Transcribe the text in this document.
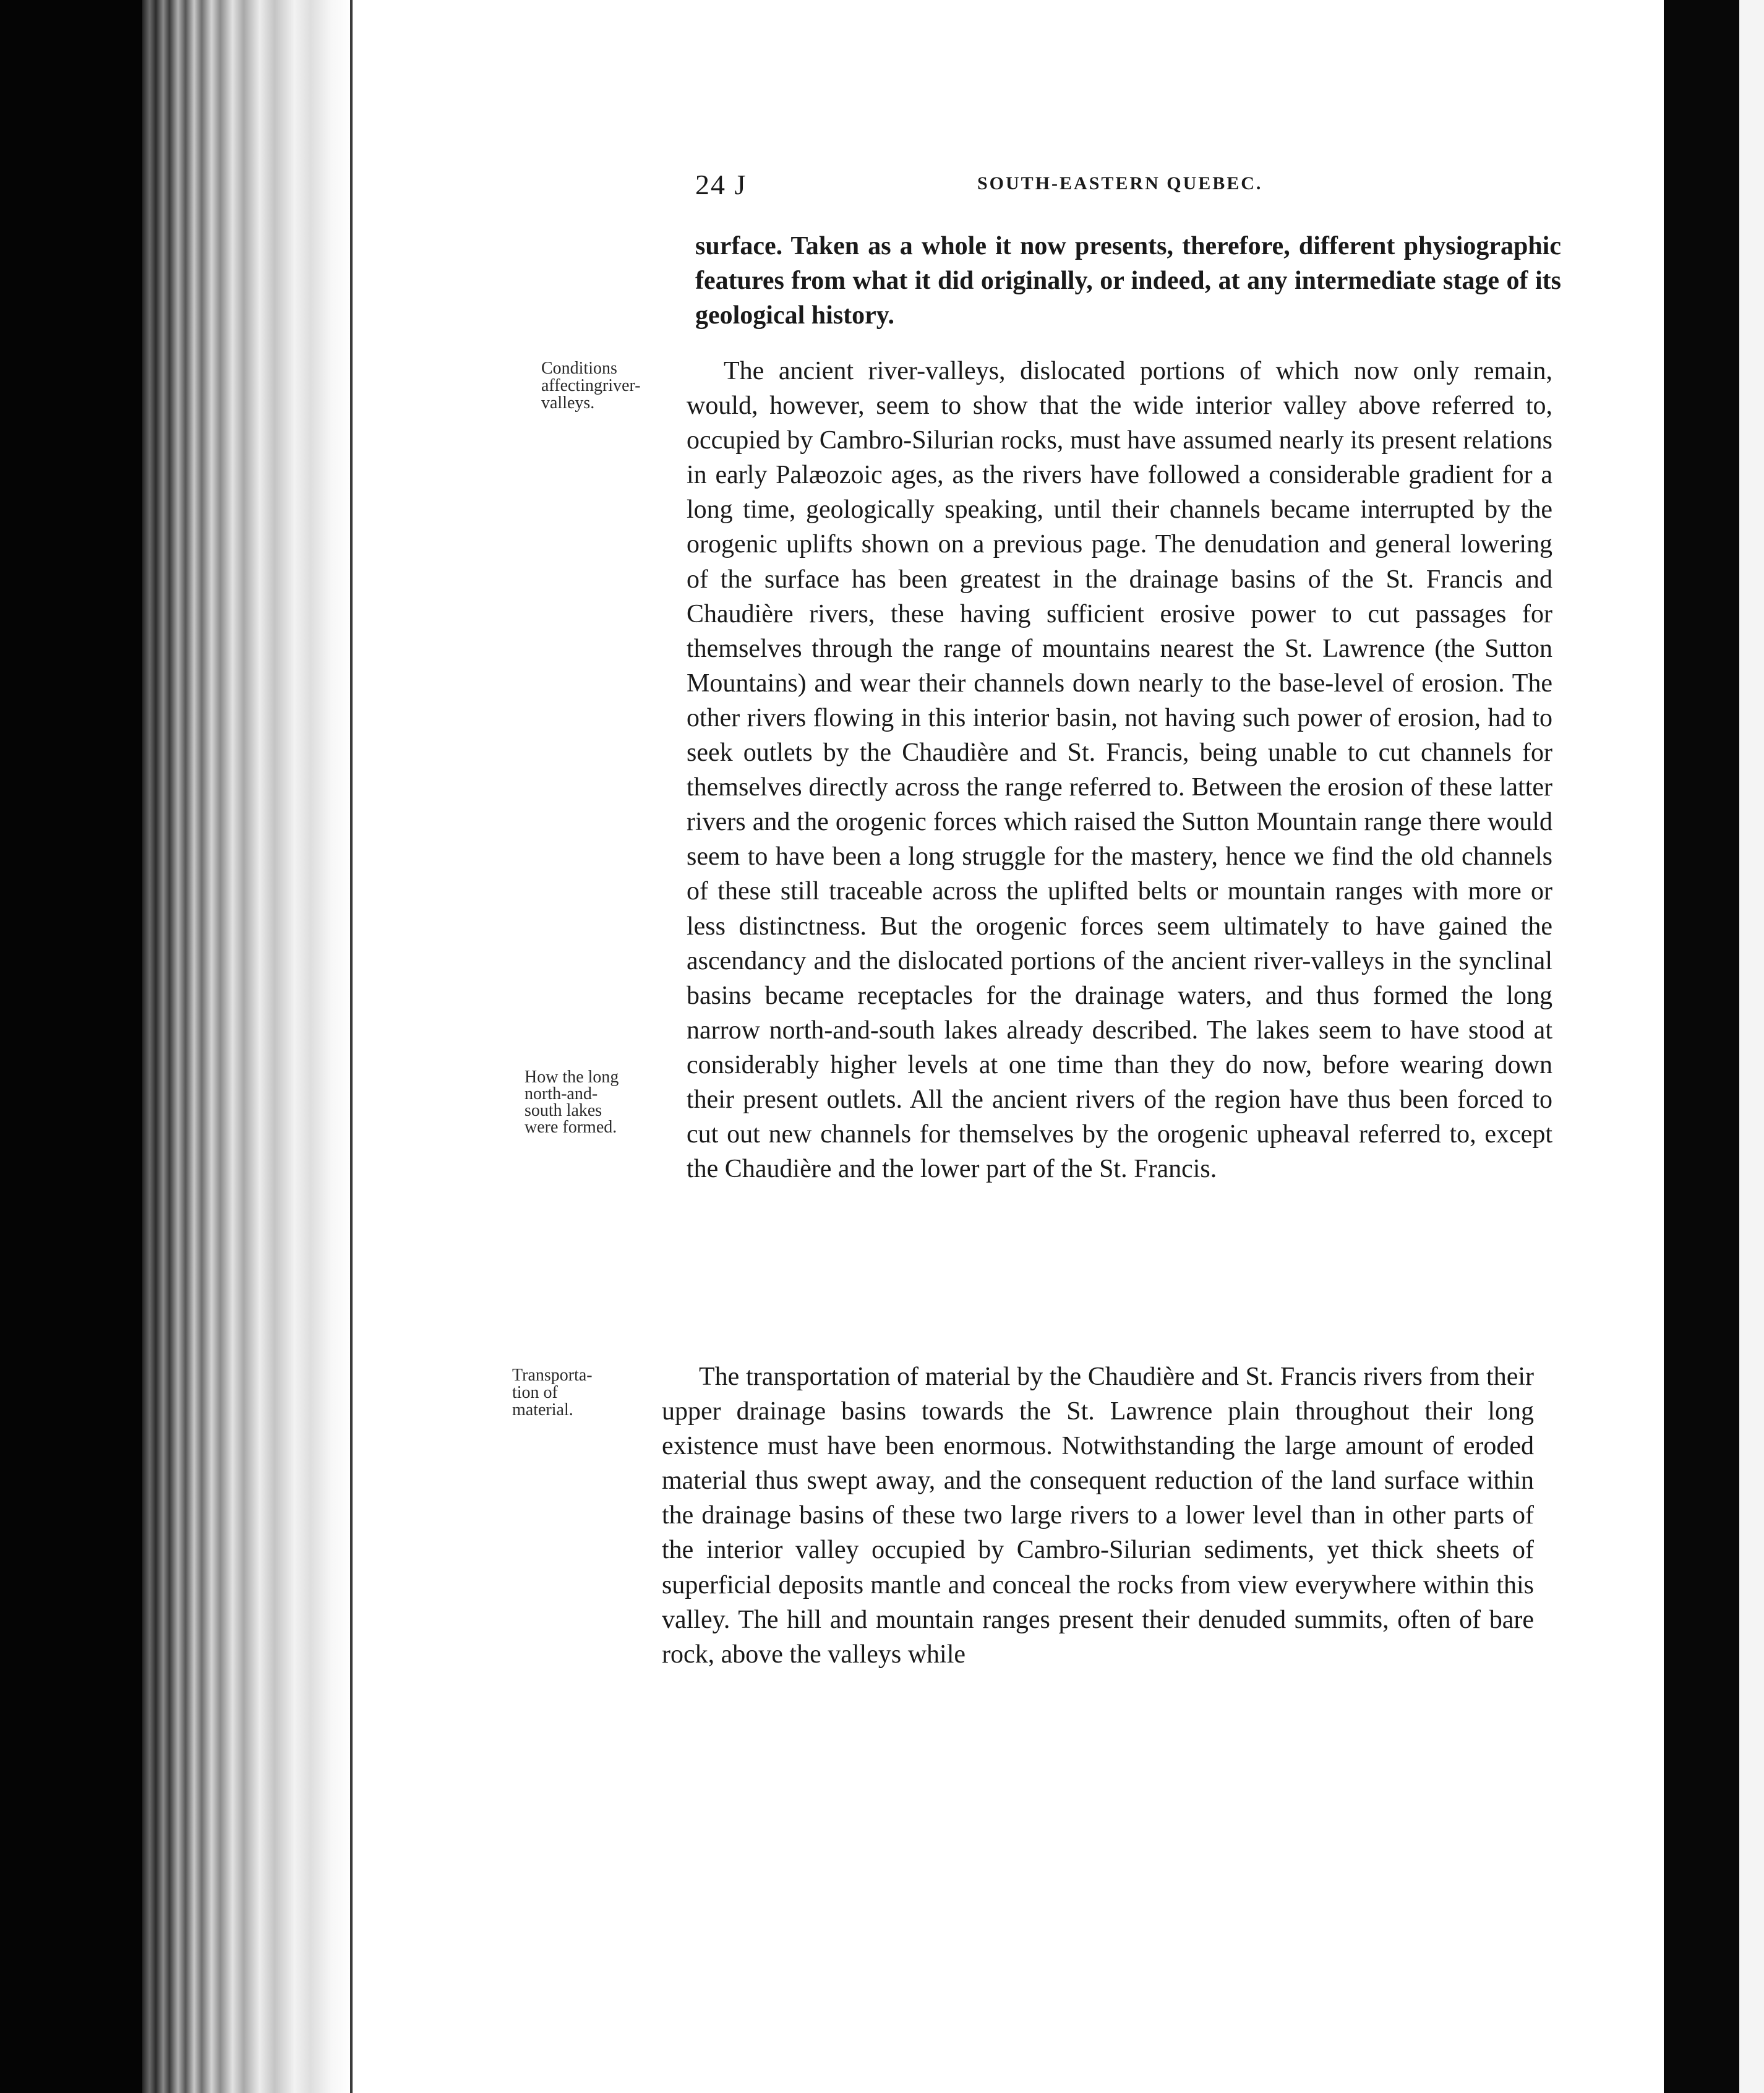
24 J	SOUTH-EASTERN QUEBEC.

surface. Taken as a whole it now presents, therefore, different physiographic features from what it did originally, or indeed, at any intermediate stage of its geological history.

Conditions
affectingriver-
valleys.

The ancient river-valleys, dislocated portions of which now only remain, would, however, seem to show that the wide interior valley above referred to, occupied by Cambro-Silurian rocks, must have assumed nearly its present relations in early Palæozoic ages, as the rivers have followed a considerable gradient for a long time, geologically speaking, until their channels became interrupted by the orogenic uplifts shown on a previous page. The denudation and general lowering of the surface has been greatest in the drainage basins of the St. Francis and Chaudière rivers, these having sufficient erosive power to cut passages for themselves through the range of mountains nearest the St. Lawrence (the Sutton Mountains) and wear their channels down nearly to the base-level of erosion. The other rivers flowing in this interior basin, not having such power of erosion, had to seek outlets by the Chaudière and St. Francis, being unable to cut channels for themselves directly across the range referred to. Between the erosion of these latter rivers and the orogenic forces which raised the Sutton Mountain range there would seem to have been a long struggle for the mastery, hence we find the old channels of these still traceable across the uplifted belts or mountain ranges with more or less distinctness. But the orogenic forces seem ultimately to have gained the ascendancy and the dislocated portions of the ancient river-valleys in the synclinal basins became receptacles for the drainage waters, and thus formed the long narrow north-and-south lakes already described. The lakes seem to have stood at considerably higher levels at one time than they do now, before wearing down their present outlets. All the ancient rivers of the region have thus been forced to cut out new channels for themselves by the orogenic upheaval referred to, except the Chaudière and the lower part of the St. Francis.

How the long
north-and-
south lakes
were formed.
Transporta-
tion of
material.

The transportation of material by the Chaudière and St. Francis rivers from their upper drainage basins towards the St. Lawrence plain throughout their long existence must have been enormous. Notwithstanding the large amount of eroded material thus swept away, and the consequent reduction of the land surface within the drainage basins of these two large rivers to a lower level than in other parts of the interior valley occupied by Cambro-Silurian sediments, yet thick sheets of superficial deposits mantle and conceal the rocks from view everywhere within this valley. The hill and mountain ranges present their denuded summits, often of bare rock, above the valleys while
